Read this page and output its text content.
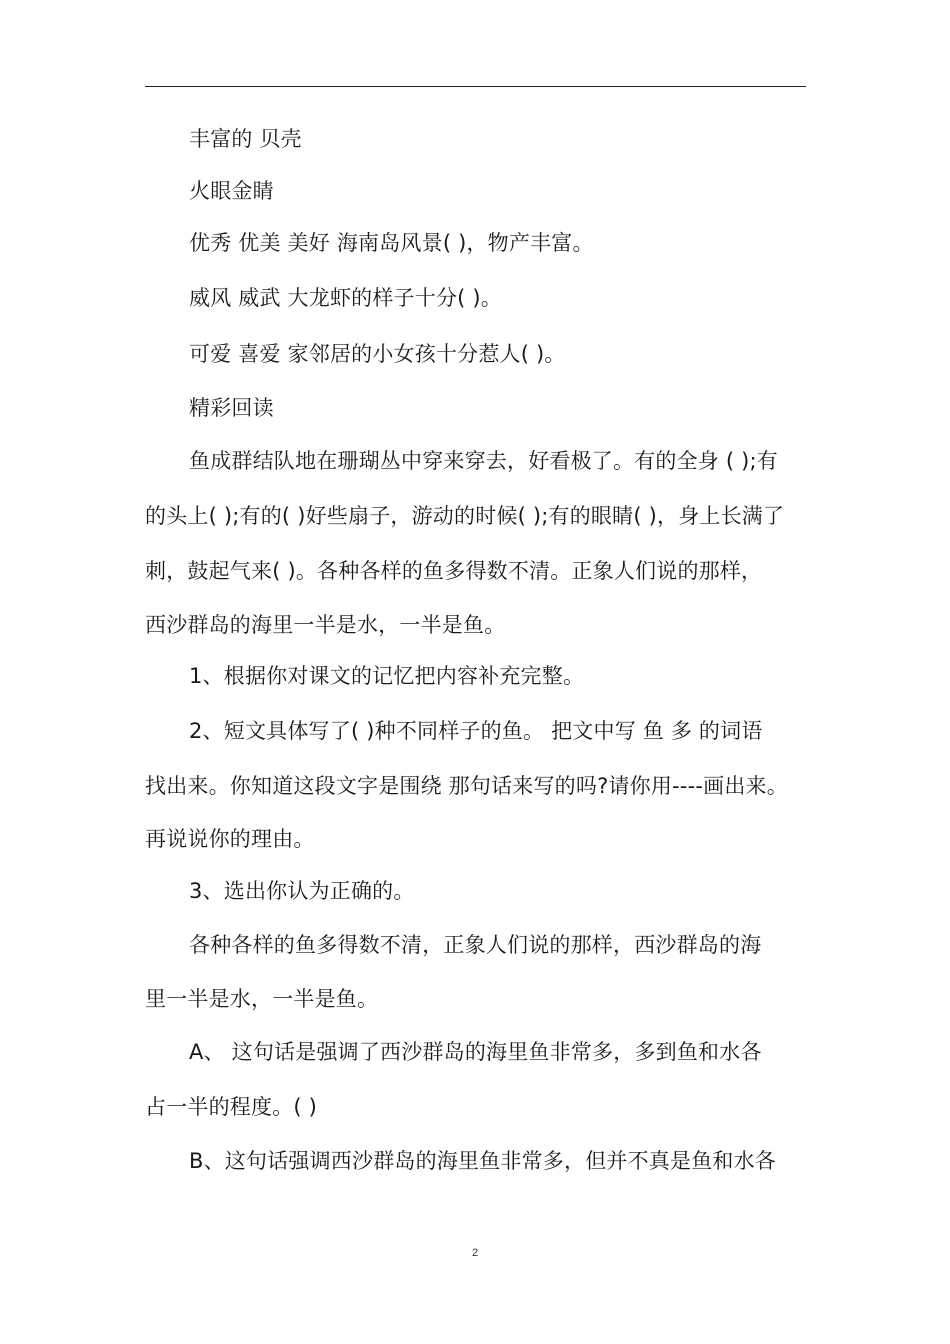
丰富的 贝壳
火眼金睛
优秀 优美 美好 海南岛风景( )，物产丰富。
威风 威武 大龙虾的样子十分( )。
可爱 喜爱 家邻居的小女孩十分惹人( )。
精彩回读
鱼成群结队地在珊瑚丛中穿来穿去，好看极了。有的全身 ( );有
的头上( );有的( )好些扇子，游动的时候( );有的眼睛( )，身上长满了
刺，鼓起气来( )。各种各样的鱼多得数不清。正象人们说的那样，
西沙群岛的海里一半是水，一半是鱼。
1、根据你对课文的记忆把内容补充完整。
2、短文具体写了( )种不同样子的鱼。 把文中写 鱼 多 的词语
找出来。你知道这段文字是围绕 那句话来写的吗?请你用----画出来。
再说说你的理由。
3、选出你认为正确的。
各种各样的鱼多得数不清，正象人们说的那样，西沙群岛的海
里一半是水，一半是鱼。
A、 这句话是强调了西沙群岛的海里鱼非常多，多到鱼和水各
占一半的程度。( )
B、这句话强调西沙群岛的海里鱼非常多，但并不真是鱼和水各
2
